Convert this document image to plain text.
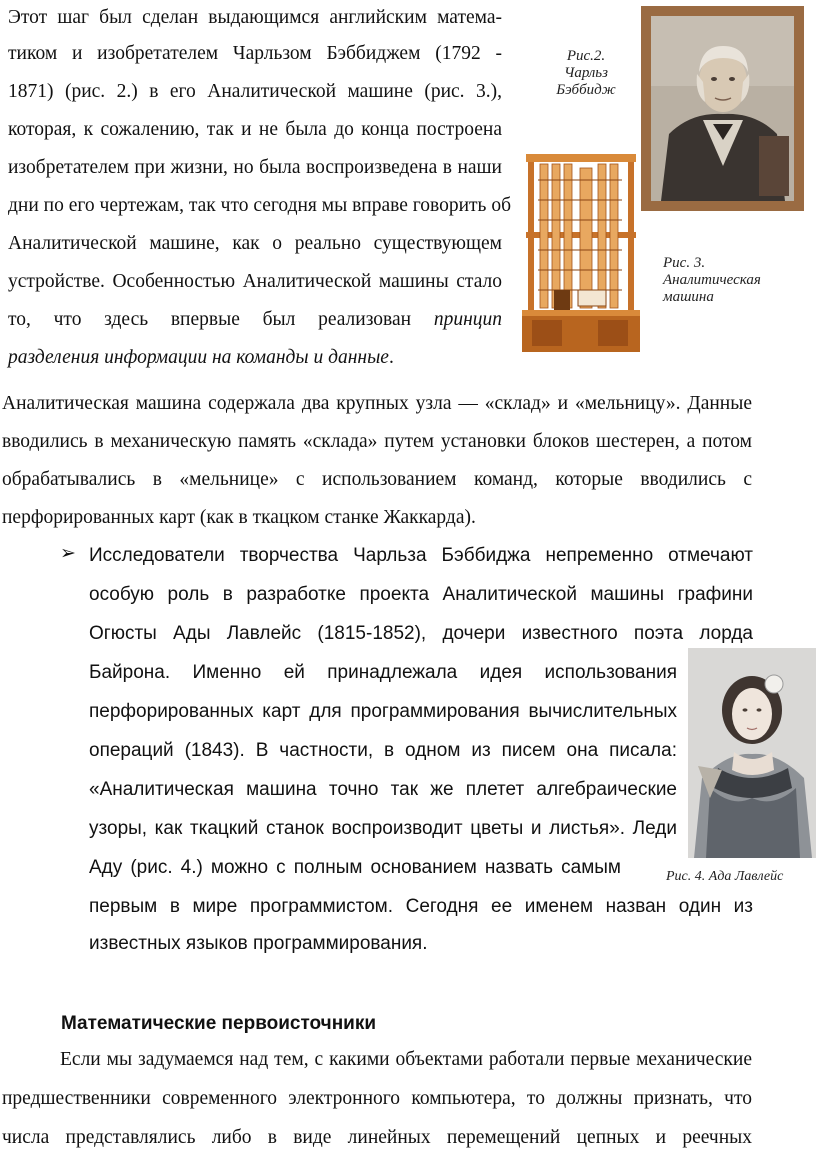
Этот шаг был сделан выдающимся английским матема-
тиком и изобретателем Чарльзом Бэббиджем (1792 -
1871) (рис. 2.) в его Аналитической машине (рис. 3.),
которая, к сожалению, так и не была до конца построена
изобретателем при жизни, но была воспроизведена в наши
дни по его чертежам, так что сегодня мы вправе говорить об
Аналитической машине, как о реально существующем
устройстве. Особенностью Аналитической машины стало
то, что здесь впервые был реализован принцип
разделения информации на команды и данные.
Рис.2.
Чарльз
Бэббидж
Рис. 3.
Аналитическая
машина
Аналитическая машина содержала два крупных узла — «склад» и «мельницу». Данные
вводились в механическую память «склада» путем установки блоков шестерен, а потом
обрабатывались в «мельнице» с использованием команд, которые вводились с
перфорированных карт (как в ткацком станке Жаккарда).
➢ Исследователи творчества Чарльза Бэббиджа непременно отмечают
особую роль в разработке проекта Аналитической машины графини
Огюсты Ады Лавлейс (1815-1852), дочери известного поэта лорда
Байрона. Именно ей принадлежала идея использования
перфорированных карт для программирования вычислительных
операций (1843). В частности, в одном из писем она писала:
«Аналитическая машина точно так же плетет алгебраические
узоры, как ткацкий станок воспроизводит цветы и листья». Леди
Аду (рис. 4.) можно с полным основанием назвать самым
первым в мире программистом. Сегодня ее именем назван один из
известных языков программирования.
Рис. 4. Ада Лавлейс
Математические первоисточники
Если мы задумаемся над тем, с какими объектами работали первые механические
предшественники современного электронного компьютера, то должны признать, что
числа представлялись либо в виде линейных перемещений цепных и реечных
